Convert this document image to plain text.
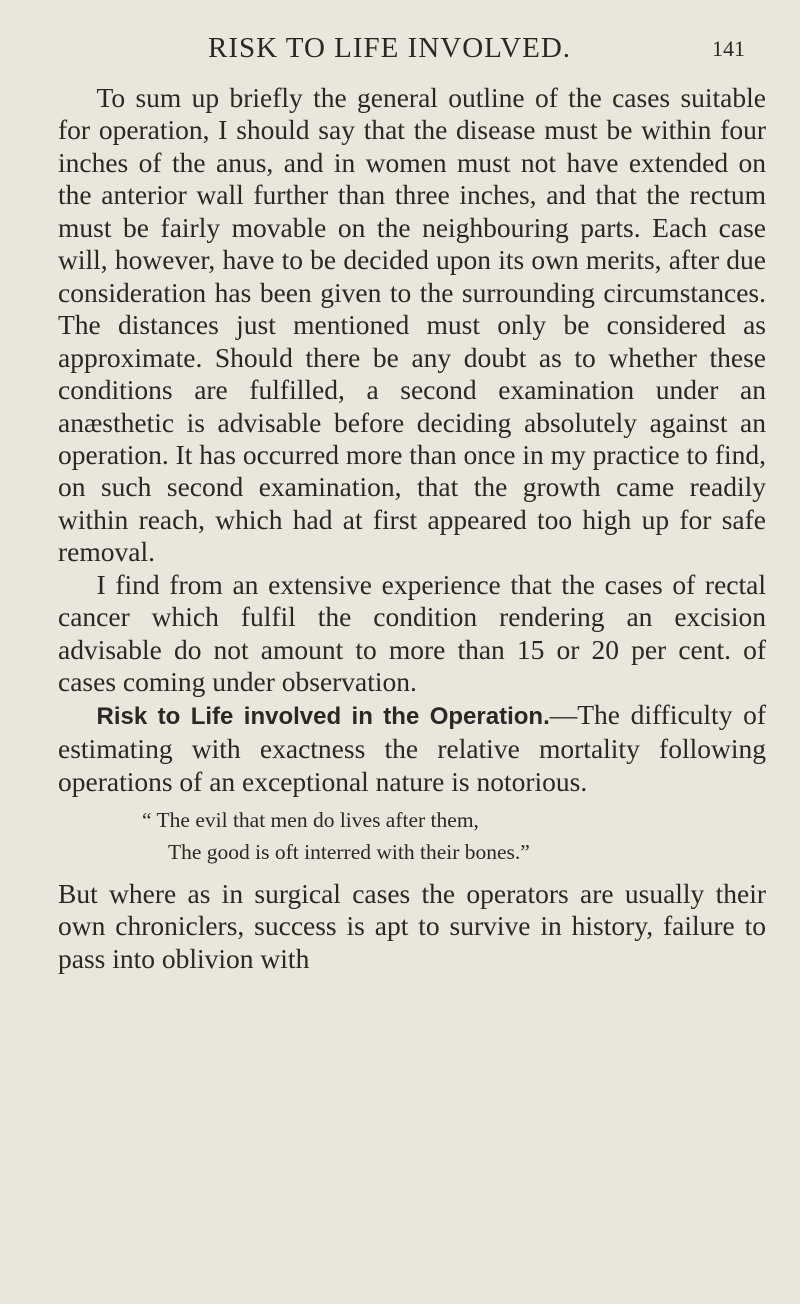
RISK TO LIFE INVOLVED.	141

To sum up briefly the general outline of the cases suitable for operation, I should say that the disease must be within four inches of the anus, and in women must not have extended on the anterior wall further than three inches, and that the rectum must be fairly movable on the neighbouring parts. Each case will, however, have to be decided upon its own merits, after due consideration has been given to the surrounding circumstances. The distances just mentioned must only be considered as approximate. Should there be any doubt as to whether these conditions are fulfilled, a second examination under an anæsthetic is advisable before deciding absolutely against an operation. It has occurred more than once in my practice to find, on such second examination, that the growth came readily within reach, which had at first appeared too high up for safe removal.

I find from an extensive experience that the cases of rectal cancer which fulfil the condition rendering an excision advisable do not amount to more than 15 or 20 per cent. of cases coming under observation.

Risk to Life involved in the Operation.—The difficulty of estimating with exactness the relative mortality following operations of an exceptional nature is notorious.

“ The evil that men do lives after them,
The good is oft interred with their bones.”

But where as in surgical cases the operators are usually their own chroniclers, success is apt to survive in history, failure to pass into oblivion with
